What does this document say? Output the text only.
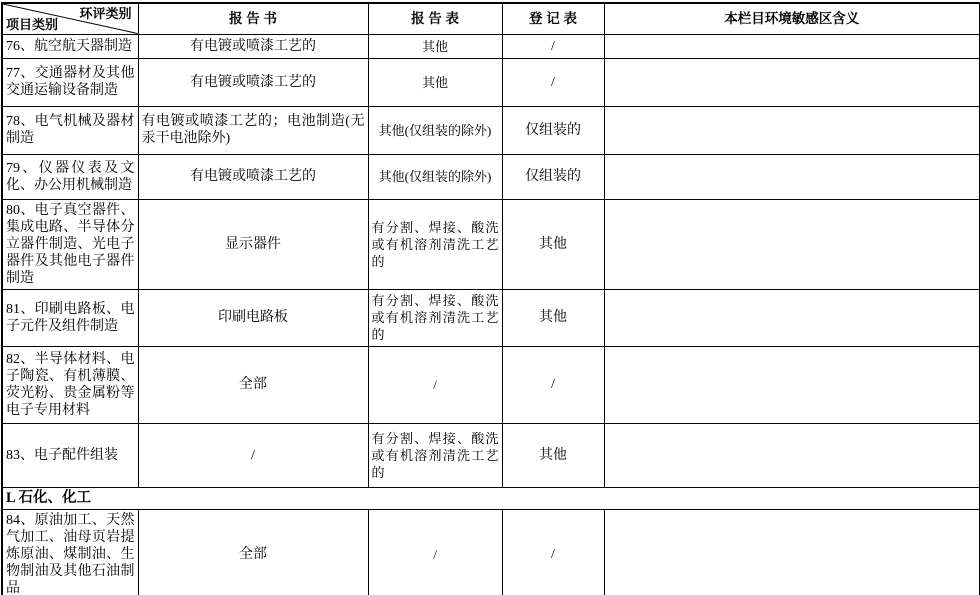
环评类别
项目类别	报 告 书	报 告 表	登 记 表	本栏目环境敏感区含义
76、航空航天器制造	有电镀或喷漆工艺的	其他	/	
77、交通器材及其他交通运输设备制造	有电镀或喷漆工艺的	其他	/	
78、电气机械及器材制造	有电镀或喷漆工艺的；电池制造(无汞干电池除外)	其他(仅组装的除外)	仅组装的	
79、仪器仪表及文化、办公用机械制造	有电镀或喷漆工艺的	其他(仅组装的除外)	仅组装的	
80、电子真空器件、集成电路、半导体分立器件制造、光电子器件及其他电子器件制造	显示器件	有分割、焊接、酸洗或有机溶剂清洗工艺的	其他	
81、印刷电路板、电子元件及组件制造	印刷电路板	有分割、焊接、酸洗或有机溶剂清洗工艺的	其他	
82、半导体材料、电子陶瓷、有机薄膜、荧光粉、贵金属粉等电子专用材料	全部	/	/	
83、电子配件组装	/	有分割、焊接、酸洗或有机溶剂清洗工艺的	其他	
L 石化、化工				
84、原油加工、天然气加工、油母页岩提炼原油、煤制油、生物制油及其他石油制品	全部	/	/	
